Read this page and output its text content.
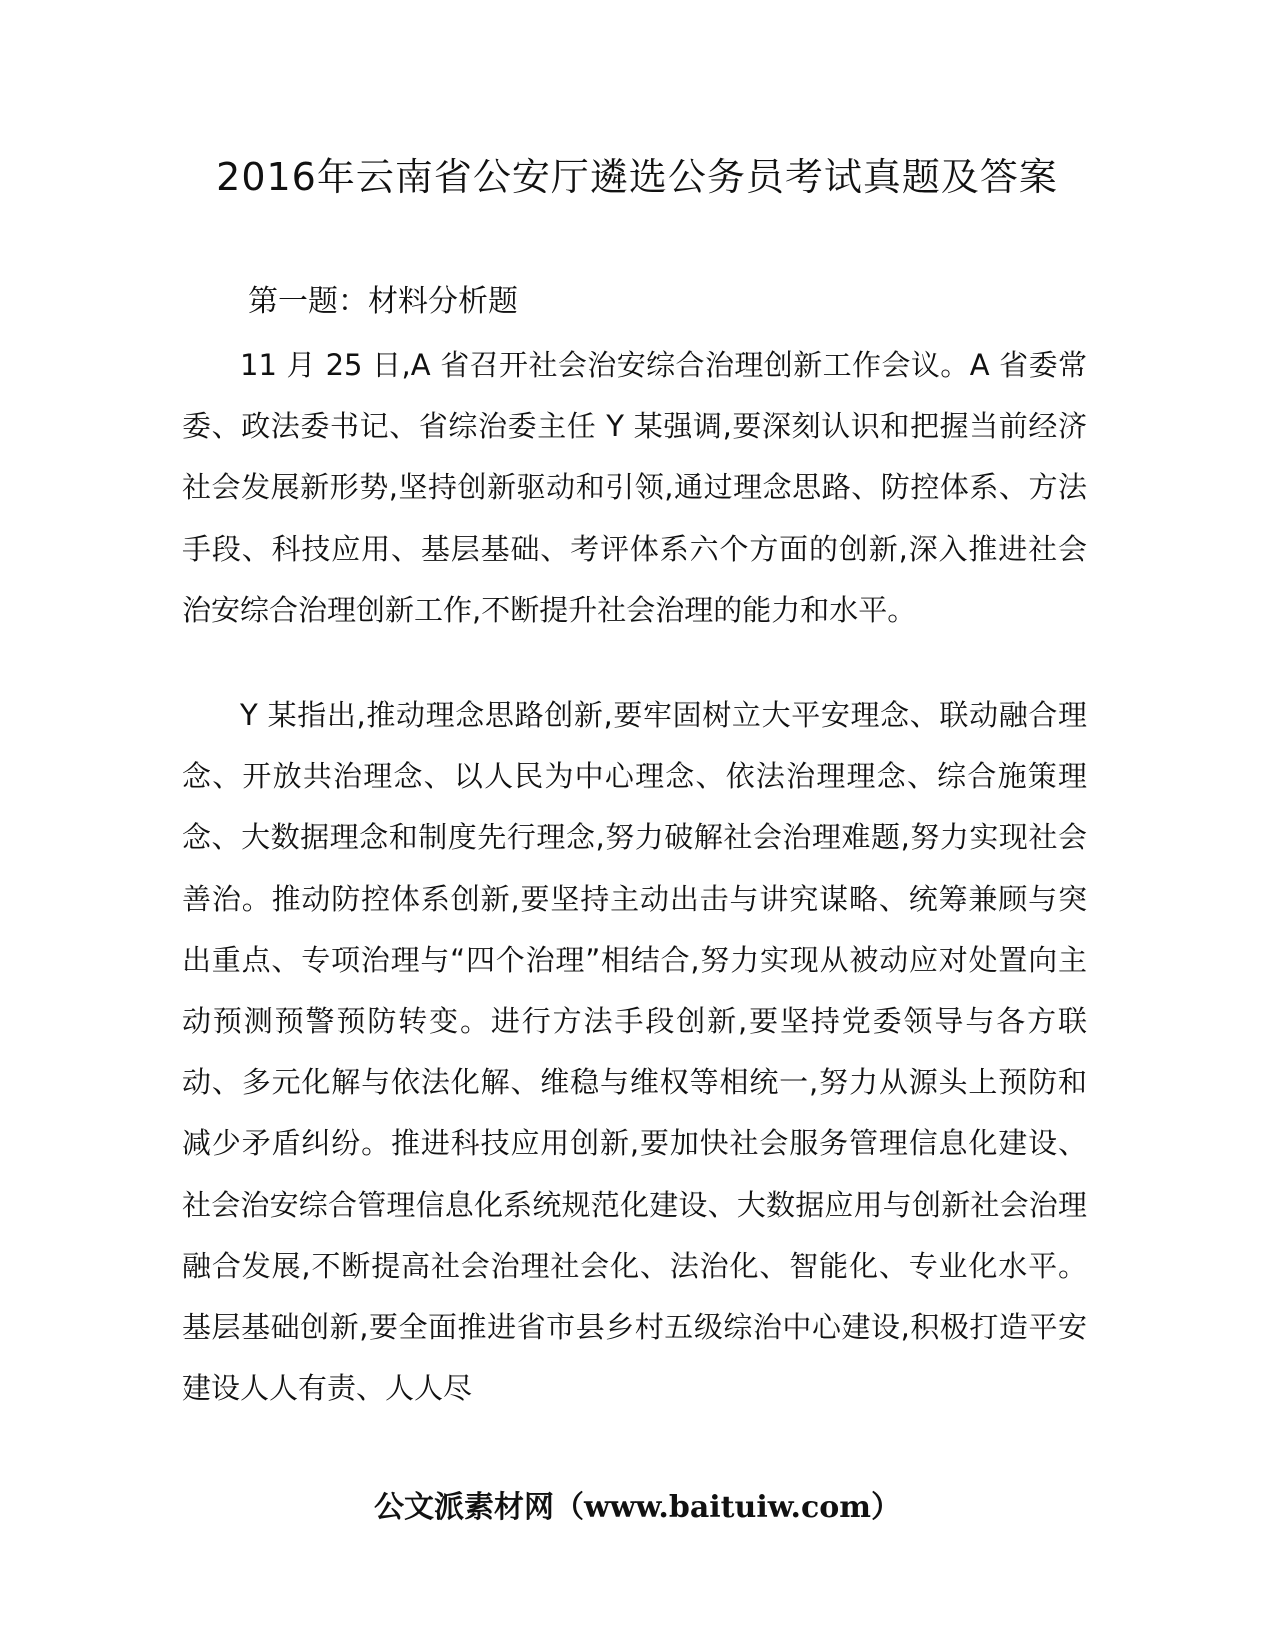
2016年云南省公安厅遴选公务员考试真题及答案

第一题：材料分析题

11 月 25 日,A 省召开社会治安综合治理创新工作会议。A 省委常委、政法委书记、省综治委主任 Y 某强调,要深刻认识和把握当前经济社会发展新形势,坚持创新驱动和引领,通过理念思路、防控体系、方法手段、科技应用、基层基础、考评体系六个方面的创新,深入推进社会治安综合治理创新工作,不断提升社会治理的能力和水平。

Y 某指出,推动理念思路创新,要牢固树立大平安理念、联动融合理念、开放共治理念、以人民为中心理念、依法治理理念、综合施策理念、大数据理念和制度先行理念,努力破解社会治理难题,努力实现社会善治。推动防控体系创新,要坚持主动出击与讲究谋略、统筹兼顾与突出重点、专项治理与“四个治理”相结合,努力实现从被动应对处置向主动预测预警预防转变。进行方法手段创新,要坚持党委领导与各方联动、多元化解与依法化解、维稳与维权等相统一,努力从源头上预防和减少矛盾纠纷。推进科技应用创新,要加快社会服务管理信息化建设、社会治安综合管理信息化系统规范化建设、大数据应用与创新社会治理融合发展,不断提高社会治理社会化、法治化、智能化、专业化水平。基层基础创新,要全面推进省市县乡村五级综治中心建设,积极打造平安建设人人有责、人人尽

公文派素材网（www.baituiw.com）
